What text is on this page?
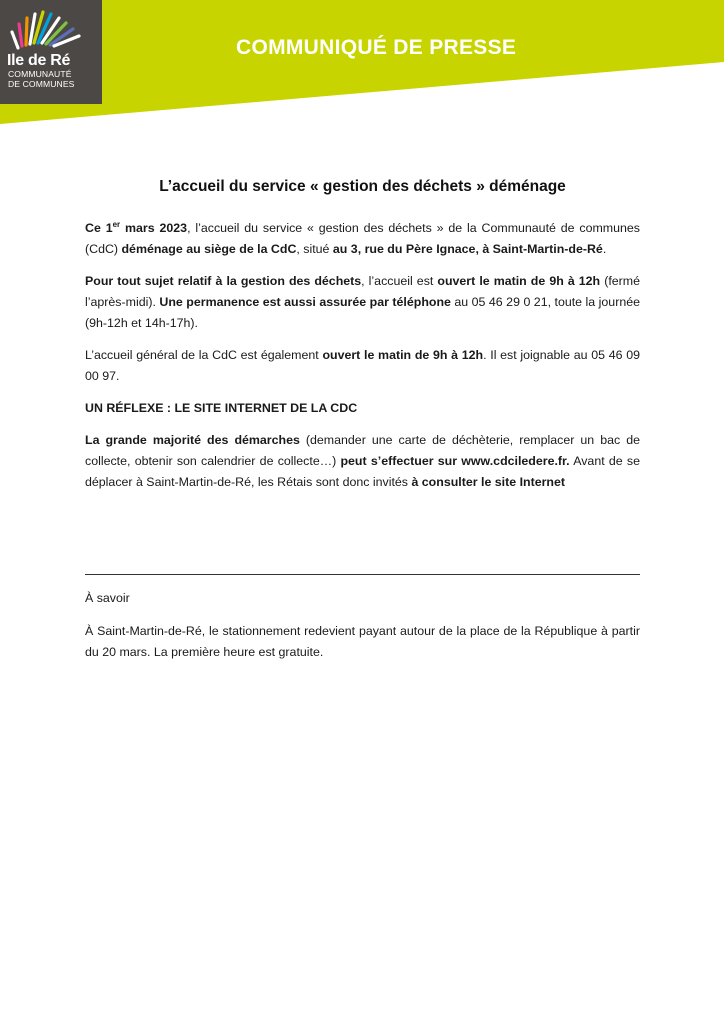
Ile de Ré
COMMUNAUTÉ
DE COMMUNES
COMMUNIQUÉ DE PRESSE
L’accueil du service « gestion des déchets » déménage

Ce 1er mars 2023, l’accueil du service « gestion des déchets » de la Communauté de communes (CdC) déménage au siège de la CdC, situé au 3, rue du Père Ignace, à Saint-Martin-de-Ré.

Pour tout sujet relatif à la gestion des déchets, l’accueil est ouvert le matin de 9h à 12h (fermé l’après-midi). Une permanence est aussi assurée par téléphone au 05 46 29 0 21, toute la journée (9h-12h et 14h-17h).

L’accueil général de la CdC est également ouvert le matin de 9h à 12h. Il est joignable au 05 46 09 00 97.

UN RÉFLEXE : LE SITE INTERNET DE LA CDC

La grande majorité des démarches (demander une carte de déchèterie, remplacer un bac de collecte, obtenir son calendrier de collecte…) peut s’effectuer sur www.cdciledere.fr. Avant de se déplacer à Saint-Martin-de-Ré, les Rétais sont donc invités à consulter le site Internet

À savoir

À Saint-Martin-de-Ré, le stationnement redevient payant autour de la place de la République à partir du 20 mars. La première heure est gratuite.
